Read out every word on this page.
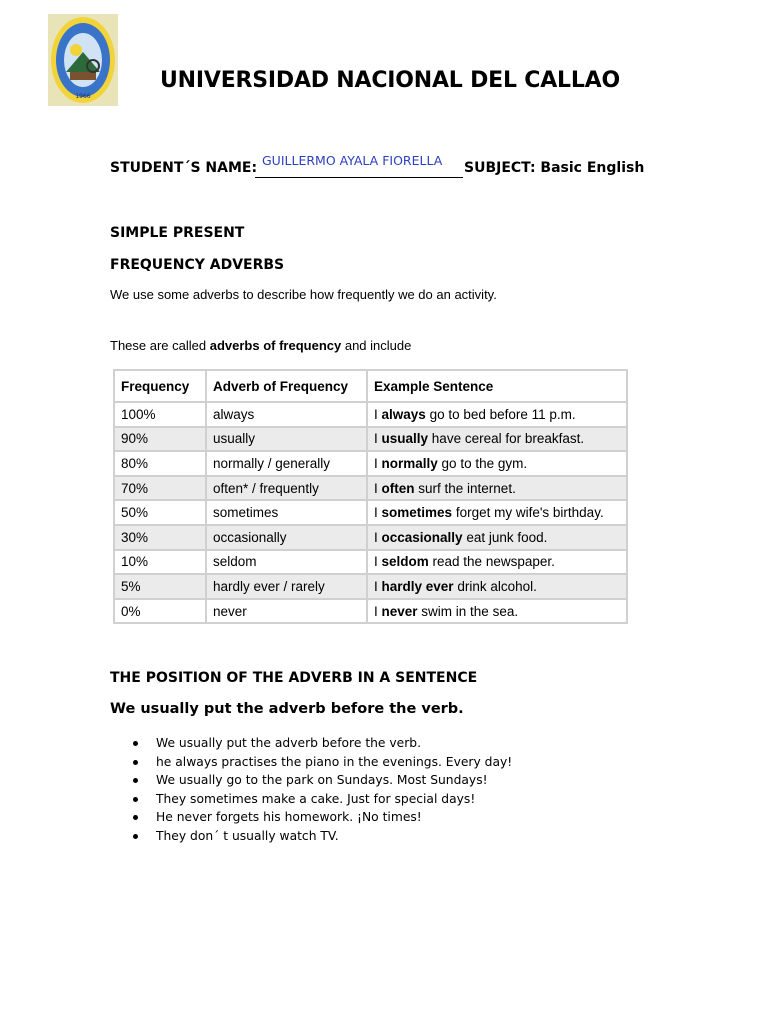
1966
UNIVERSIDAD NACIONAL DEL CALLAO
STUDENT´S NAME: GUILLERMO AYALA FIORELLA SUBJECT: Basic English
SIMPLE PRESENT
FREQUENCY ADVERBS
We use some adverbs to describe how frequently we do an activity.
These are called adverbs of frequency and include
Frequency	Adverb of Frequency	Example Sentence
100%	always	I always go to bed before 11 p.m.
90%	usually	I usually have cereal for breakfast.
80%	normally / generally	I normally go to the gym.
70%	often* / frequently	I often surf the internet.
50%	sometimes	I sometimes forget my wife's birthday.
30%	occasionally	I occasionally eat junk food.
10%	seldom	I seldom read the newspaper.
5%	hardly ever / rarely	I hardly ever drink alcohol.
0%	never	I never swim in the sea.
THE POSITION OF THE ADVERB IN A SENTENCE
We usually put the adverb before the verb.
We usually put the adverb before the verb.
he always practises the piano in the evenings. Every day!
We usually go to the park on Sundays. Most Sundays!
They sometimes make a cake. Just for special days!
He never forgets his homework. ¡No times!
They don´ t usually watch TV.
